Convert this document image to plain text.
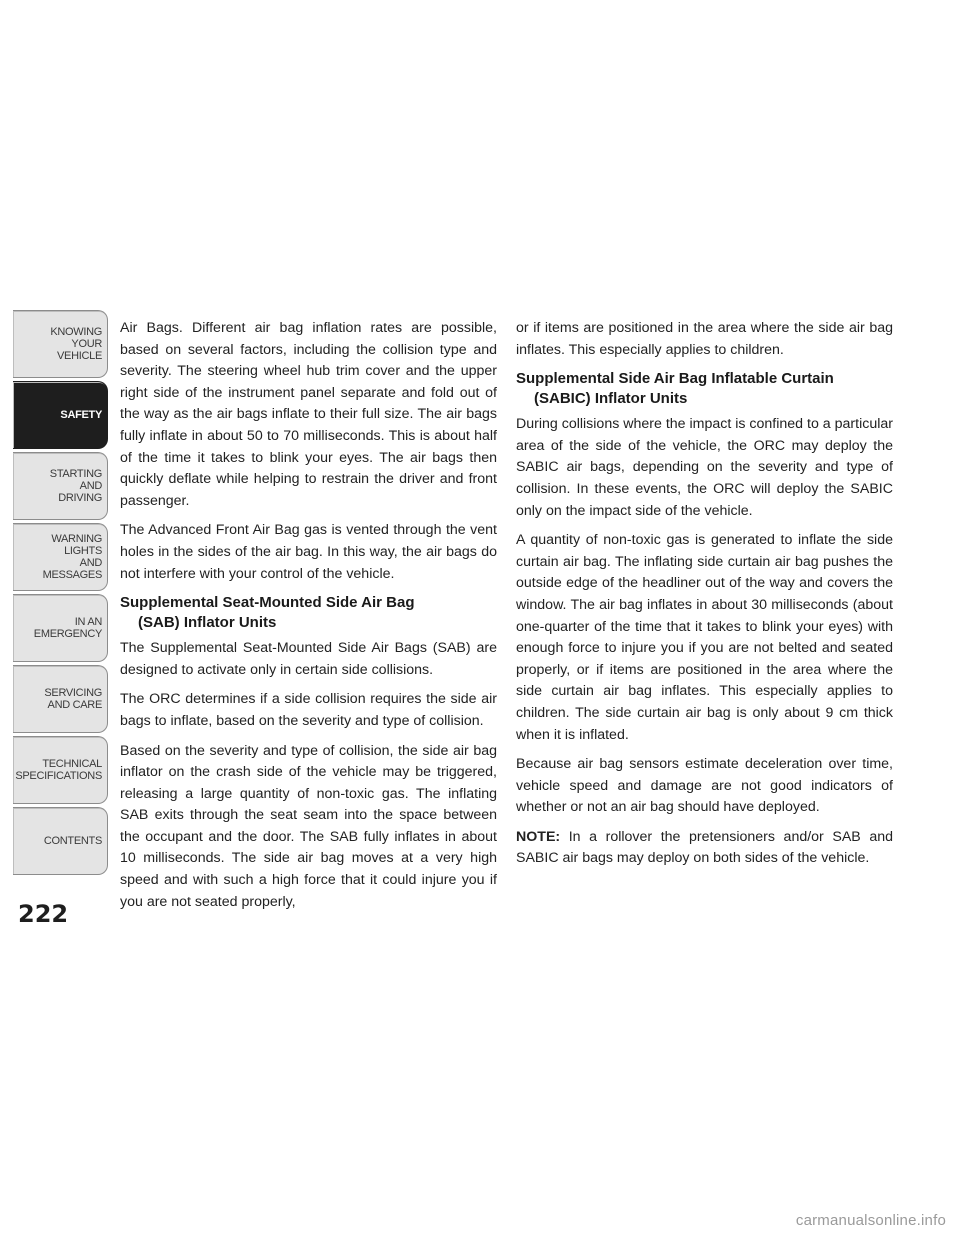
KNOWING
YOUR
VEHICLE
SAFETY
STARTING
AND
DRIVING
WARNING
LIGHTS
AND
MESSAGES
IN AN
EMERGENCY
SERVICING
AND CARE
TECHNICAL
SPECIFICATIONS
CONTENTS
222

Air Bags. Different air bag inflation rates are possible, based on several factors, including the collision type and severity. The steering wheel hub trim cover and the upper right side of the instrument panel separate and fold out of the way as the air bags inflate to their full size. The air bags fully inflate in about 50 to 70 milliseconds. This is about half of the time it takes to blink your eyes. The air bags then quickly deflate while helping to restrain the driver and front passenger.

The Advanced Front Air Bag gas is vented through the vent holes in the sides of the air bag. In this way, the air bags do not interfere with your control of the vehicle.

Supplemental Seat-Mounted Side Air Bag
(SAB) Inflator Units

The Supplemental Seat-Mounted Side Air Bags (SAB) are designed to activate only in certain side collisions.

The ORC determines if a side collision requires the side air bags to inflate, based on the severity and type of collision.

Based on the severity and type of collision, the side air bag inflator on the crash side of the vehicle may be triggered, releasing a large quantity of non-toxic gas. The inflating SAB exits through the seat seam into the space between the occupant and the door. The SAB fully inflates in about 10 milliseconds. The side air bag moves at a very high speed and with such a high force that it could injure you if you are not seated properly,

or if items are positioned in the area where the side air bag inflates. This especially applies to children.

Supplemental Side Air Bag Inflatable Curtain
(SABIC) Inflator Units

During collisions where the impact is confined to a particular area of the side of the vehicle, the ORC may deploy the SABIC air bags, depending on the severity and type of collision. In these events, the ORC will deploy the SABIC only on the impact side of the vehicle.

A quantity of non-toxic gas is generated to inflate the side curtain air bag. The inflating side curtain air bag pushes the outside edge of the headliner out of the way and covers the window. The air bag inflates in about 30 milliseconds (about one-quarter of the time that it takes to blink your eyes) with enough force to injure you if you are not belted and seated properly, or if items are positioned in the area where the side curtain air bag inflates. This especially applies to children. The side curtain air bag is only about 9 cm thick when it is inflated.

Because air bag sensors estimate deceleration over time, vehicle speed and damage are not good indicators of whether or not an air bag should have deployed.

NOTE: In a rollover the pretensioners and/or SAB and SABIC air bags may deploy on both sides of the vehicle.

carmanualsonline.info
